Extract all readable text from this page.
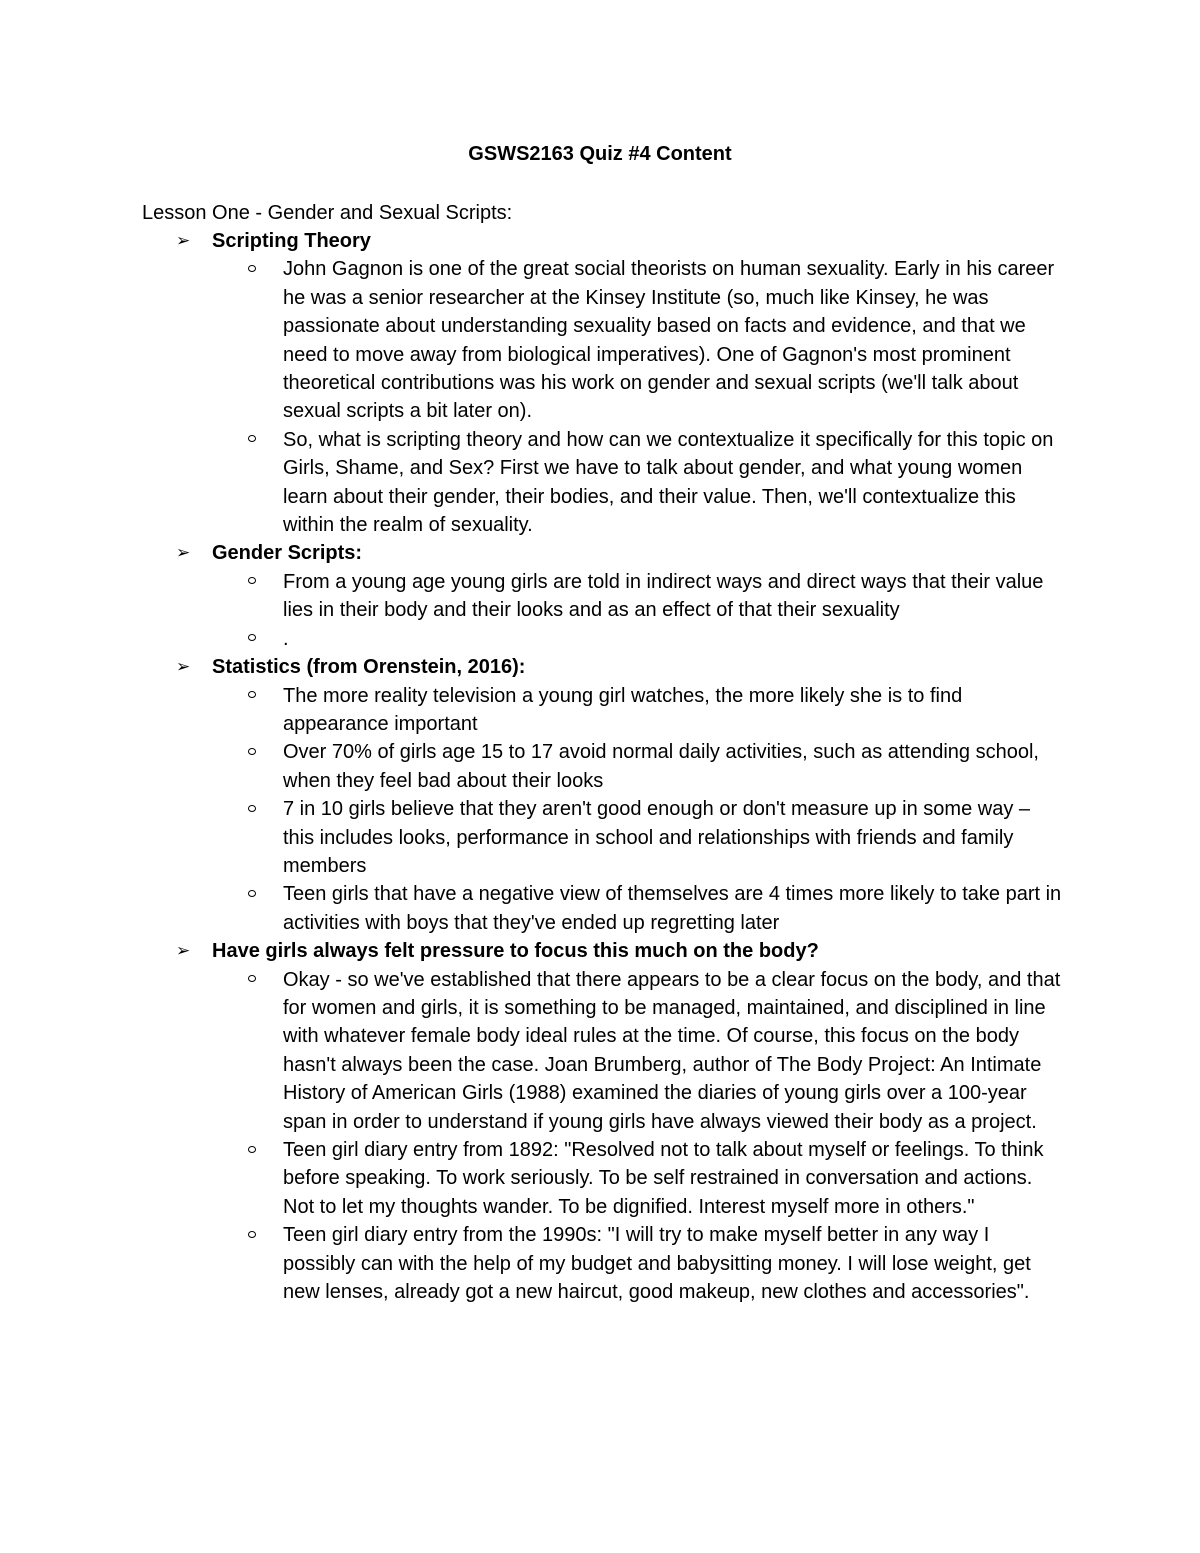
GSWS2163 Quiz #4 Content

Lesson One - Gender and Sexual Scripts:

➢ Scripting Theory

John Gagnon is one of the great social theorists on human sexuality. Early in his career he was a senior researcher at the Kinsey Institute (so, much like Kinsey, he was passionate about understanding sexuality based on facts and evidence, and that we need to move away from biological imperatives). One of Gagnon's most prominent theoretical contributions was his work on gender and sexual scripts (we'll talk about sexual scripts a bit later on).
So, what is scripting theory and how can we contextualize it specifically for this topic on Girls, Shame, and Sex? First we have to talk about gender, and what young women learn about their gender, their bodies, and their value. Then, we'll contextualize this within the realm of sexuality.

➢ Gender Scripts:

From a young age young girls are told in indirect ways and direct ways that their value lies in their body and their looks and as an effect of that their sexuality
.

➢ Statistics (from Orenstein, 2016):

The more reality television a young girl watches, the more likely she is to find appearance important
Over 70% of girls age 15 to 17 avoid normal daily activities, such as attending school, when they feel bad about their looks
7 in 10 girls believe that they aren't good enough or don't measure up in some way – this includes looks, performance in school and relationships with friends and family members
Teen girls that have a negative view of themselves are 4 times more likely to take part in activities with boys that they've ended up regretting later

➢ Have girls always felt pressure to focus this much on the body?

Okay - so we've established that there appears to be a clear focus on the body, and that for women and girls, it is something to be managed, maintained, and disciplined in line with whatever female body ideal rules at the time. Of course, this focus on the body hasn't always been the case. Joan Brumberg, author of The Body Project: An Intimate History of American Girls (1988) examined the diaries of young girls over a 100-year span in order to understand if young girls have always viewed their body as a project.
Teen girl diary entry from 1892: "Resolved not to talk about myself or feelings. To think before speaking. To work seriously. To be self restrained in conversation and actions. Not to let my thoughts wander. To be dignified. Interest myself more in others."
Teen girl diary entry from the 1990s: "I will try to make myself better in any way I possibly can with the help of my budget and babysitting money. I will lose weight, get new lenses, already got a new haircut, good makeup, new clothes and accessories".
